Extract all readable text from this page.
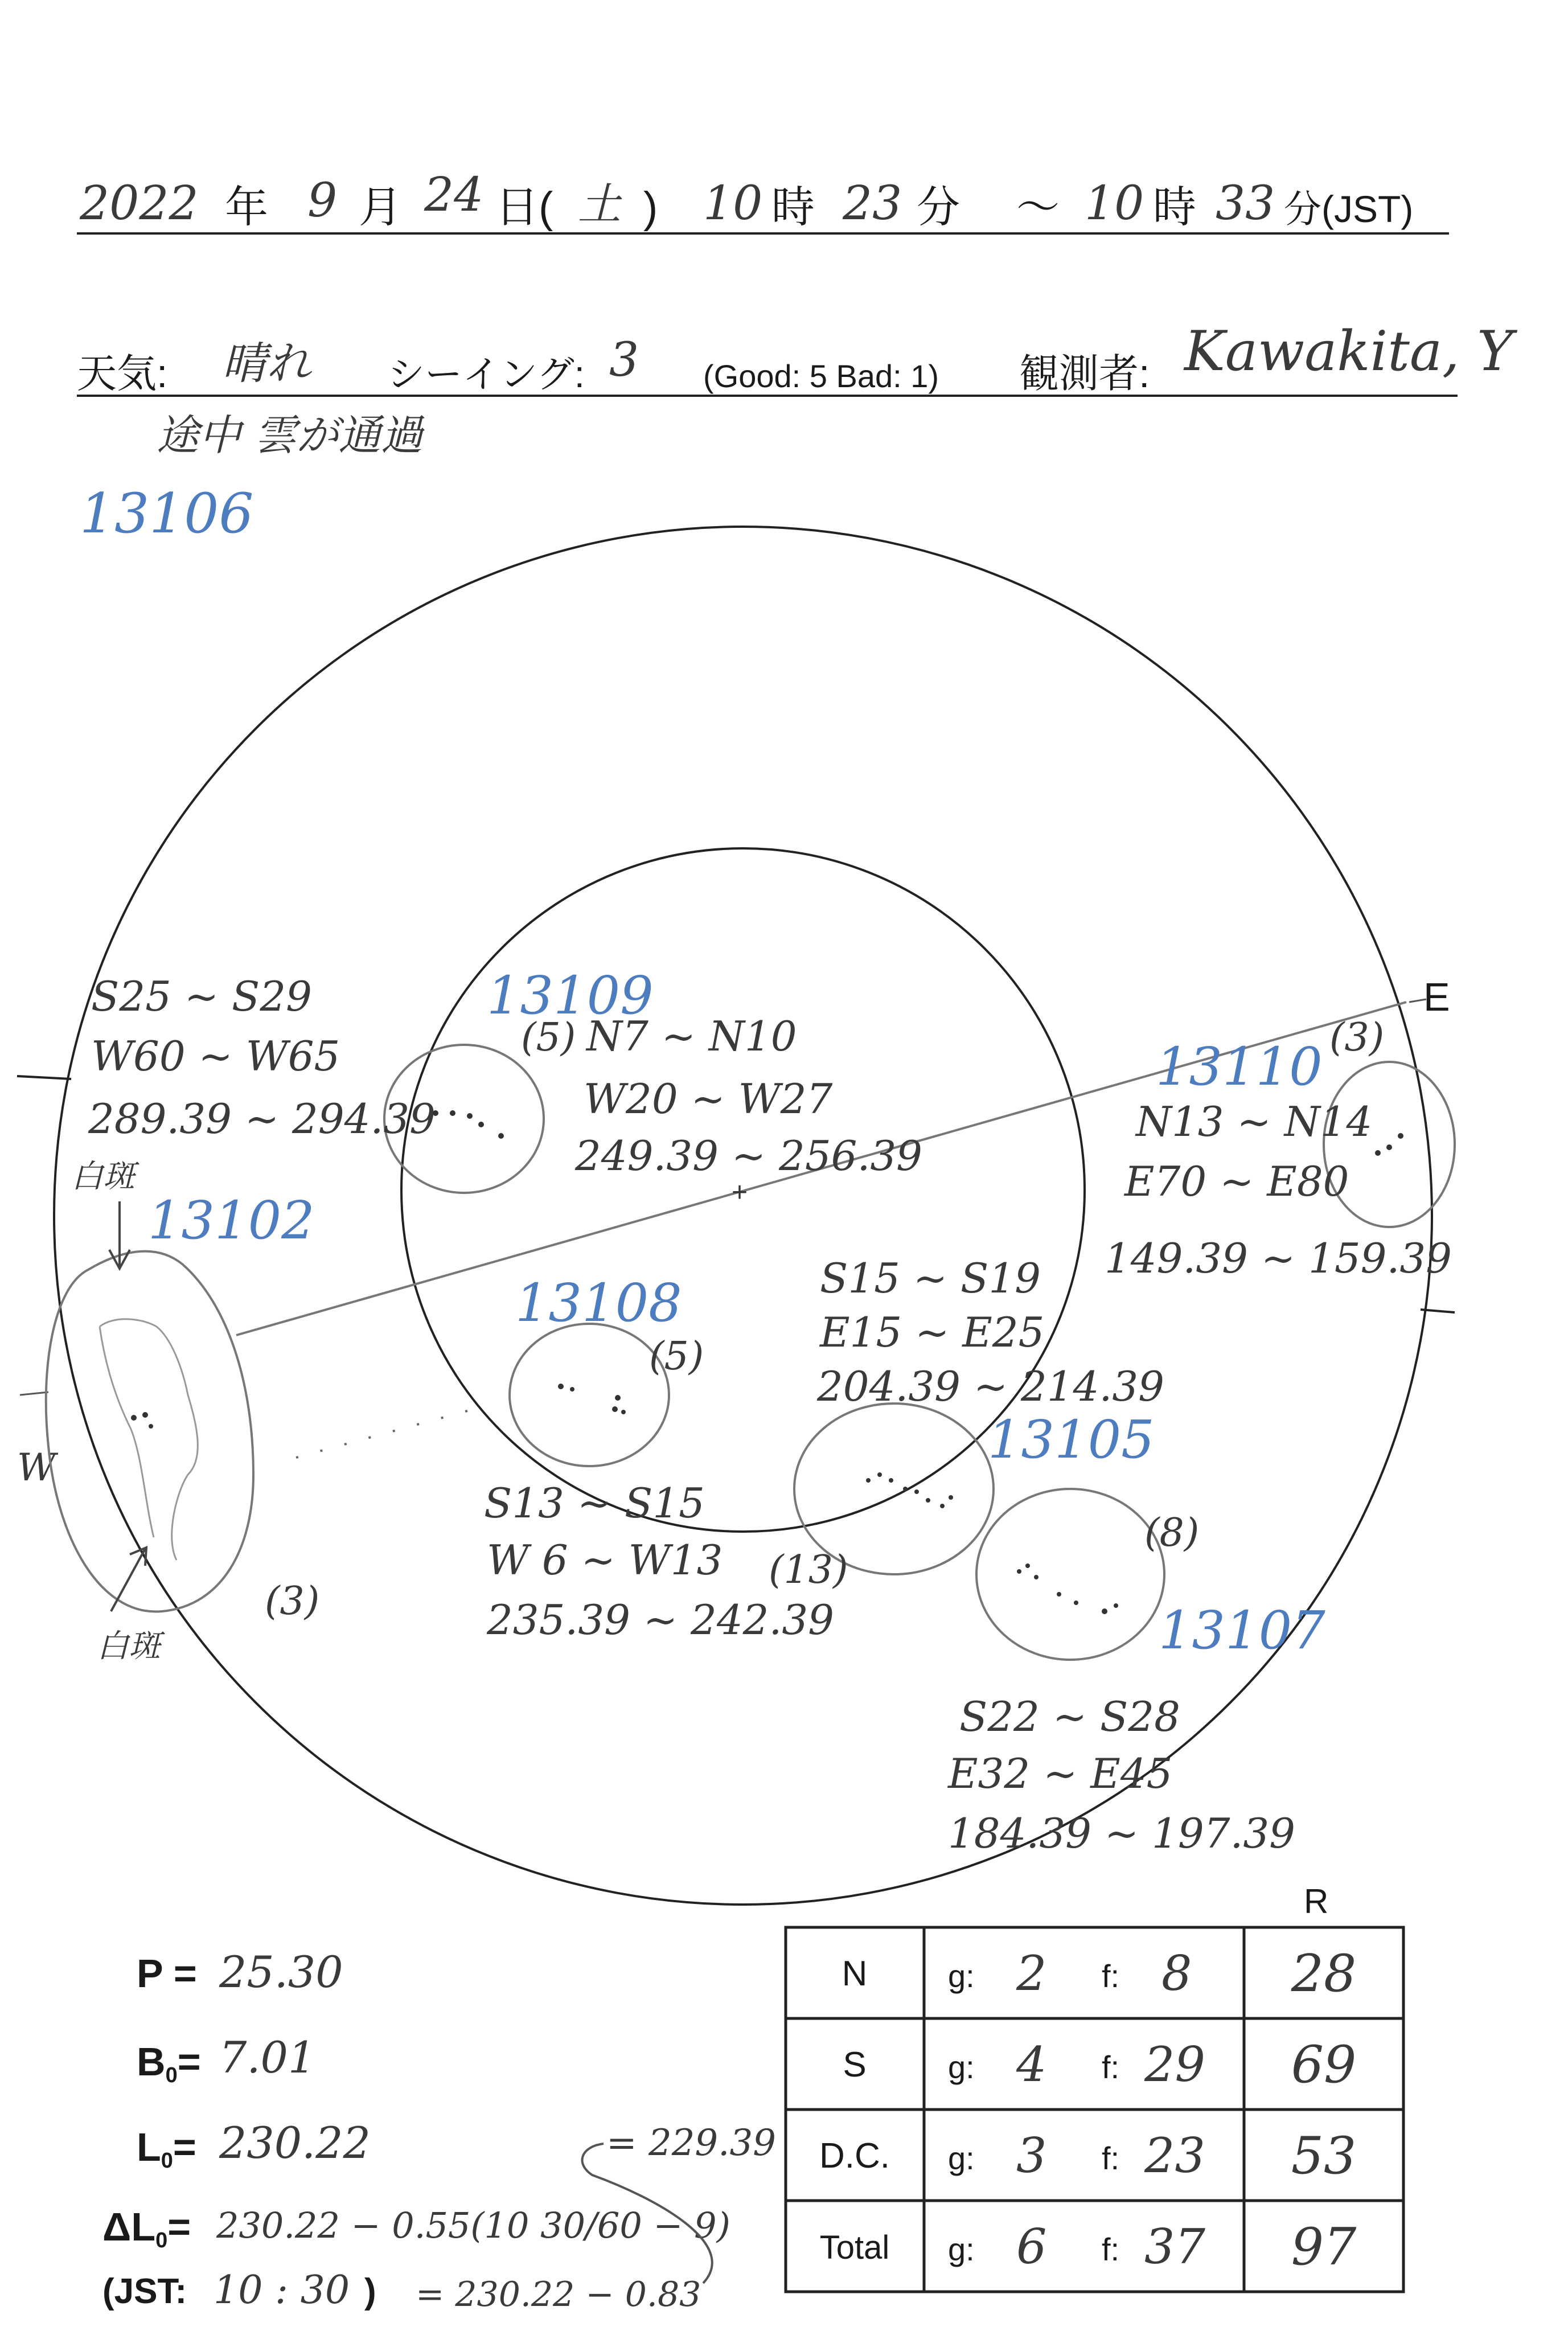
2022 年 9 月 24 日( 土 ) 10 時 23 分 ～ 10 時 33 分(JST)
天気: 晴れ シーイング: 3 (Good: 5 Bad: 1) 観測者: Kawakita, Y
途中 雲が通過
13106
+
E
W
13109
(5) N7 ~ N10
W20 ~ W27
249.39 ~ 256.39
13110 (3)
N13 ~ N14
E70 ~ E80
149.39 ~ 159.39
13102
(3)
S25 ~ S29
W60 ~ W65
289.39 ~ 294.39
白斑
白斑
13108
(5)
S13 ~ S15
W 6 ~ W13
235.39 ~ 242.39
13105
(13)
S15 ~ S19
E15 ~ E25
204.39 ~ 214.39
13107
(8)
S22 ~ S28
E32 ~ E45
184.39 ~ 197.39
P = 25.30
B0= 7.01
L0= 230.22
ΔL0= 230.22 − 0.55(10 30/60 − 9)
= 229.39
(JST: 10 : 30 ) = 230.22 − 0.83
R
N	g: 2 f: 8 28
S	g: 4 f: 29 69
D.C. g: 3 f: 23 53
Total g: 6 f: 37 97
